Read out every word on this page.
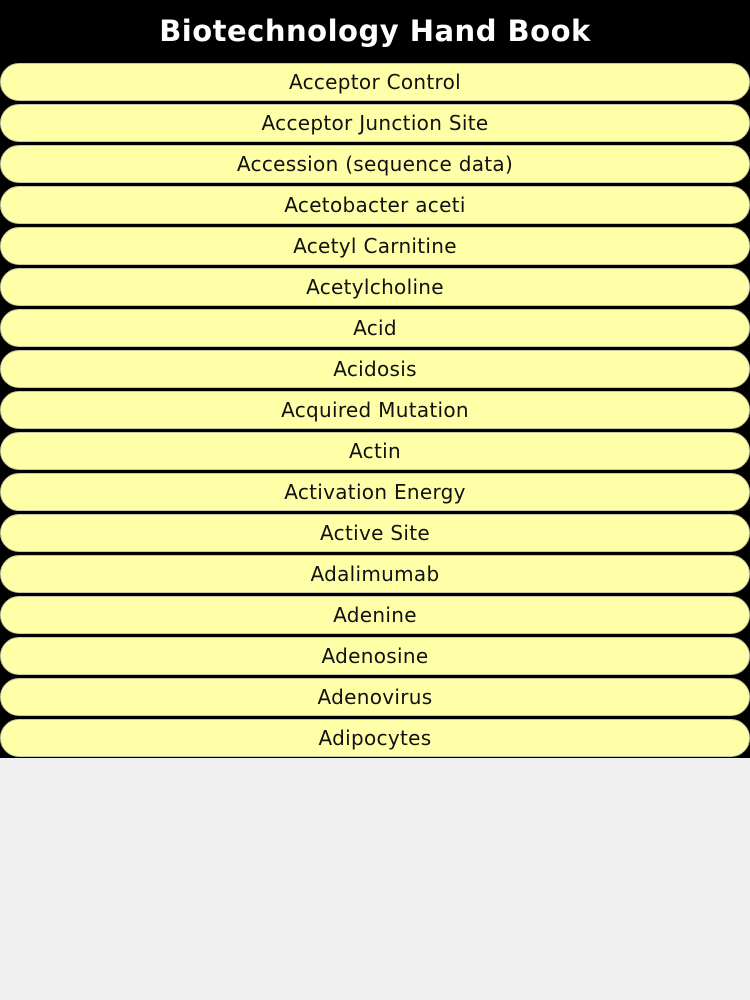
Biotechnology Hand Book
Acceptor Control
Acceptor Junction Site
Accession (sequence data)
Acetobacter aceti
Acetyl Carnitine
Acetylcholine
Acid
Acidosis
Acquired Mutation
Actin
Activation Energy
Active Site
Adalimumab
Adenine
Adenosine
Adenovirus
Adipocytes
